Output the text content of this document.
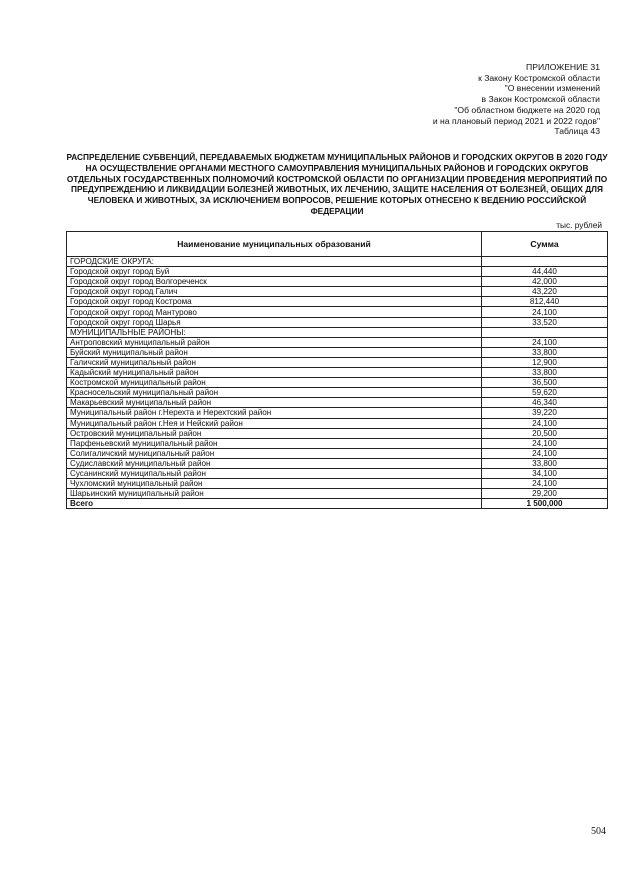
ПРИЛОЖЕНИЕ 31
к Закону Костромской области
"О внесении изменений
в Закон Костромской области
"Об областном бюджете на 2020 год
и на плановый период 2021 и 2022 годов"
Таблица 43
РАСПРЕДЕЛЕНИЕ СУБВЕНЦИЙ, ПЕРЕДАВАЕМЫХ БЮДЖЕТАМ МУНИЦИПАЛЬНЫХ РАЙОНОВ И ГОРОДСКИХ ОКРУГОВ В 2020 ГОДУ НА ОСУЩЕСТВЛЕНИЕ ОРГАНАМИ МЕСТНОГО САМОУПРАВЛЕНИЯ МУНИЦИПАЛЬНЫХ РАЙОНОВ И ГОРОДСКИХ ОКРУГОВ ОТДЕЛЬНЫХ ГОСУДАРСТВЕННЫХ ПОЛНОМОЧИЙ КОСТРОМСКОЙ ОБЛАСТИ ПО ОРГАНИЗАЦИИ ПРОВЕДЕНИЯ МЕРОПРИЯТИЙ ПО ПРЕДУПРЕЖДЕНИЮ И ЛИКВИДАЦИИ БОЛЕЗНЕЙ ЖИВОТНЫХ, ИХ ЛЕЧЕНИЮ, ЗАЩИТЕ НАСЕЛЕНИЯ ОТ БОЛЕЗНЕЙ, ОБЩИХ ДЛЯ ЧЕЛОВЕКА И ЖИВОТНЫХ, ЗА ИСКЛЮЧЕНИЕМ ВОПРОСОВ, РЕШЕНИЕ КОТОРЫХ ОТНЕСЕНО К ВЕДЕНИЮ РОССИЙСКОЙ ФЕДЕРАЦИИ
тыс. рублей
Наименование муниципальных образований	Сумма
ГОРОДСКИЕ ОКРУГА:	
Городской округ город Буй	44,440
Городской округ город Волгореченск	42,000
Городской округ город Галич	43,220
Городской округ город Кострома	812,440
Городской округ город Мантурово	24,100
Городской округ город Шарья	33,520
МУНИЦИПАЛЬНЫЕ РАЙОНЫ:	
Антроповский муниципальный район	24,100
Буйский муниципальный район	33,800
Галичский муниципальный район	12,900
Кадыйский муниципальный район	33,800
Костромской муниципальный район	36,500
Красносельский муниципальный район	59,620
Макарьевский муниципальный район	46,340
Муниципальный район г.Нерехта и Нерехтский район	39,220
Муниципальный район г.Нея и Нейский район	24,100
Островский муниципальный район	20,500
Парфеньевский муниципальный район	24,100
Солигаличский муниципальный район	24,100
Судиславский муниципальный район	33,800
Сусанинский муниципальный район	34,100
Чухломский муниципальный район	24,100
Шарьинский муниципальный район	29,200
Всего	1 500,000
504
